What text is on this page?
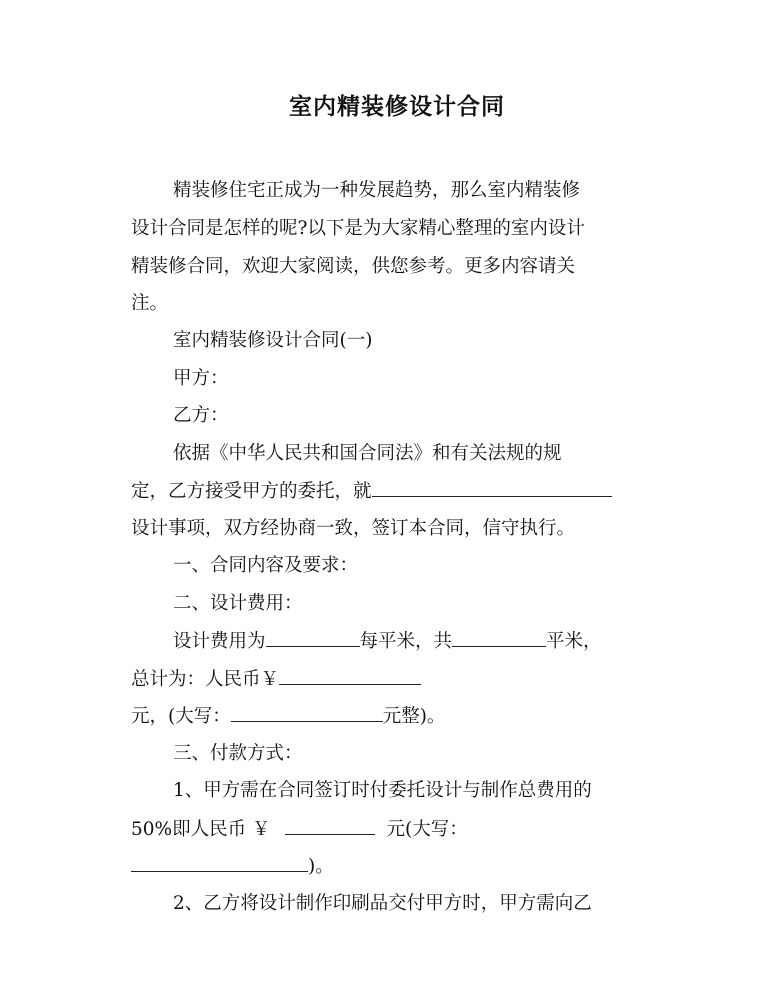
室内精装修设计合同
精装修住宅正成为一种发展趋势，那么室内精装修
设计合同是怎样的呢?以下是为大家精心整理的室内设计
精装修合同，欢迎大家阅读，供您参考。更多内容请关
注。
室内精装修设计合同(一)
甲方：
乙方：
依据《中华人民共和国合同法》和有关法规的规
定，乙方接受甲方的委托，就
设计事项，双方经协商一致，签订本合同，信守执行。
一、合同内容及要求：
二、设计费用：
设计费用为	每平米，共	平米，
总计为：人民币￥
元，(大写：	元整)。
三、付款方式：
1、甲方需在合同签订时付委托设计与制作总费用的
50%即人民币 ￥	元(大写：
)。
2、乙方将设计制作印刷品交付甲方时，甲方需向乙
